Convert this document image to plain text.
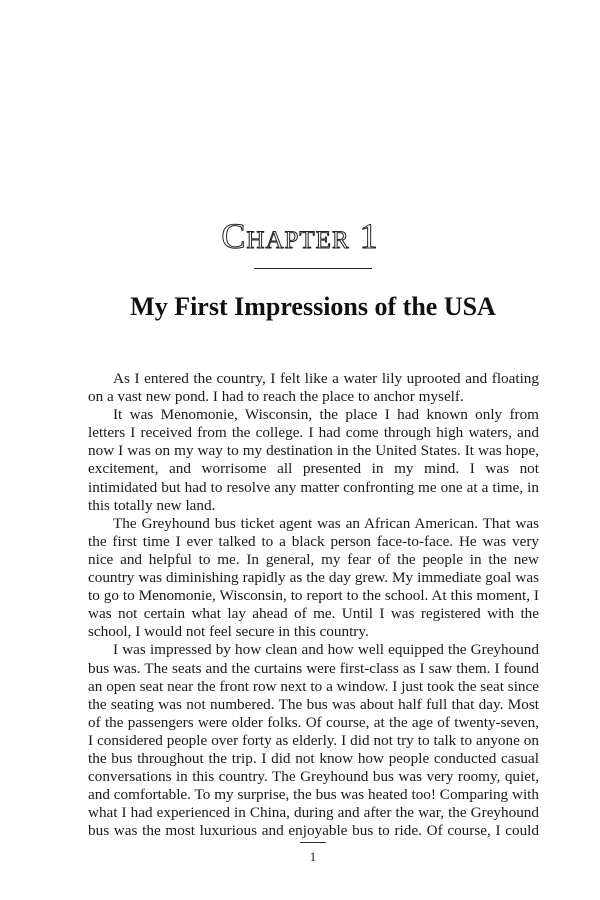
Chapter 1
My First Impressions of the USA

As I entered the country, I felt like a water lily uprooted and floating on a vast new pond. I had to reach the place to anchor myself.

It was Menomonie, Wisconsin, the place I had known only from letters I received from the college. I had come through high waters, and now I was on my way to my destination in the United States. It was hope, excitement, and worrisome all presented in my mind. I was not intimidated but had to resolve any matter confronting me one at a time, in this totally new land.

The Greyhound bus ticket agent was an African American. That was the first time I ever talked to a black person face-to-face. He was very nice and helpful to me. In general, my fear of the people in the new country was diminishing rapidly as the day grew. My immediate goal was to go to Menomonie, Wisconsin, to report to the school. At this moment, I was not certain what lay ahead of me. Until I was registered with the school, I would not feel secure in this country.

I was impressed by how clean and how well equipped the Greyhound bus was. The seats and the curtains were first-class as I saw them. I found an open seat near the front row next to a window. I just took the seat since the seating was not numbered. The bus was about half full that day. Most of the passengers were older folks. Of course, at the age of twenty-seven, I considered people over forty as elderly. I did not try to talk to anyone on the bus throughout the trip. I did not know how people conducted casual conversations in this country. The Greyhound bus was very roomy, quiet, and comfortable. To my surprise, the bus was heated too! Comparing with what I had experienced in China, during and after the war, the Greyhound bus was the most luxurious and enjoyable bus to ride. Of course, I could

1
